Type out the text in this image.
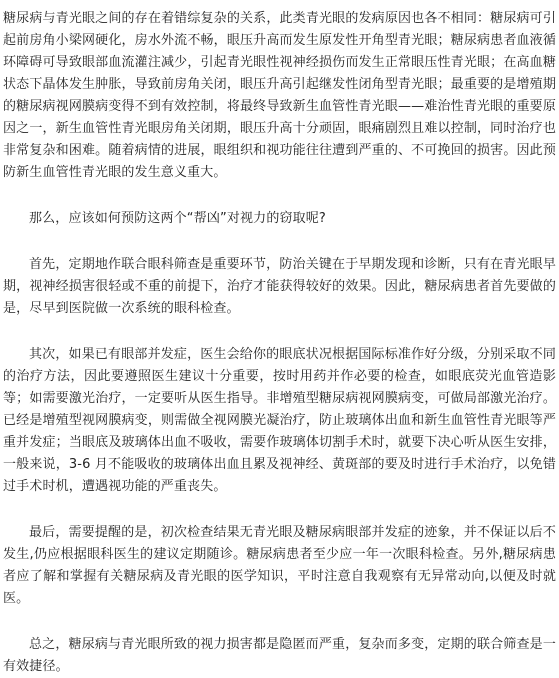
糖尿病与青光眼之间的存在着错综复杂的关系，此类青光眼的发病原因也各不相同：糖尿病可引起前房角小梁网硬化，房水外流不畅，眼压升高而发生原发性开角型青光眼；糖尿病患者血液循环障碍可导致眼部血流灌注减少，引起青光眼性视神经损伤而发生正常眼压性青光眼；在高血糖状态下晶体发生肿胀，导致前房角关闭，眼压升高引起继发性闭角型青光眼；最重要的是增殖期的糖尿病视网膜病变得不到有效控制，将最终导致新生血管性青光眼——难治性青光眼的重要原因之一，新生血管性青光眼房角关闭期，眼压升高十分顽固，眼痛剧烈且难以控制，同时治疗也非常复杂和困难。随着病情的进展，眼组织和视功能往往遭到严重的、不可挽回的损害。因此预防新生血管性青光眼的发生意义重大。

那么，应该如何预防这两个“帮凶”对视力的窃取呢?

首先，定期地作联合眼科筛查是重要环节，防治关键在于早期发现和诊断，只有在青光眼早期，视神经损害很轻或不重的前提下，治疗才能获得较好的效果。因此，糖尿病患者首先要做的是，尽早到医院做一次系统的眼科检查。

其次，如果已有眼部并发症，医生会给你的眼底状况根据国际标准作好分级，分别采取不同的治疗方法，因此要遵照医生建议十分重要，按时用药并作必要的检查，如眼底荧光血管造影等；如需要激光治疗，一定要听从医生指导。非增殖型糖尿病视网膜病变，可做局部激光治疗。已经是增殖型视网膜病变，则需做全视网膜光凝治疗，防止玻璃体出血和新生血管性青光眼等严重并发症；当眼底及玻璃体出血不吸收，需要作玻璃体切割手术时，就要下决心听从医生安排，一般来说，3-6 月不能吸收的玻璃体出血且累及视神经、黄斑部的要及时进行手术治疗，以免错过手术时机，遭遇视功能的严重丧失。

最后，需要提醒的是，初次检查结果无青光眼及糖尿病眼部并发症的迹象，并不保证以后不发生,仍应根据眼科医生的建议定期随诊。糖尿病患者至少应一年一次眼科检查。另外,糖尿病患者应了解和掌握有关糖尿病及青光眼的医学知识，平时注意自我观察有无异常动向,以便及时就医。

总之，糖尿病与青光眼所致的视力损害都是隐匿而严重，复杂而多变，定期的联合筛查是一有效捷径。
